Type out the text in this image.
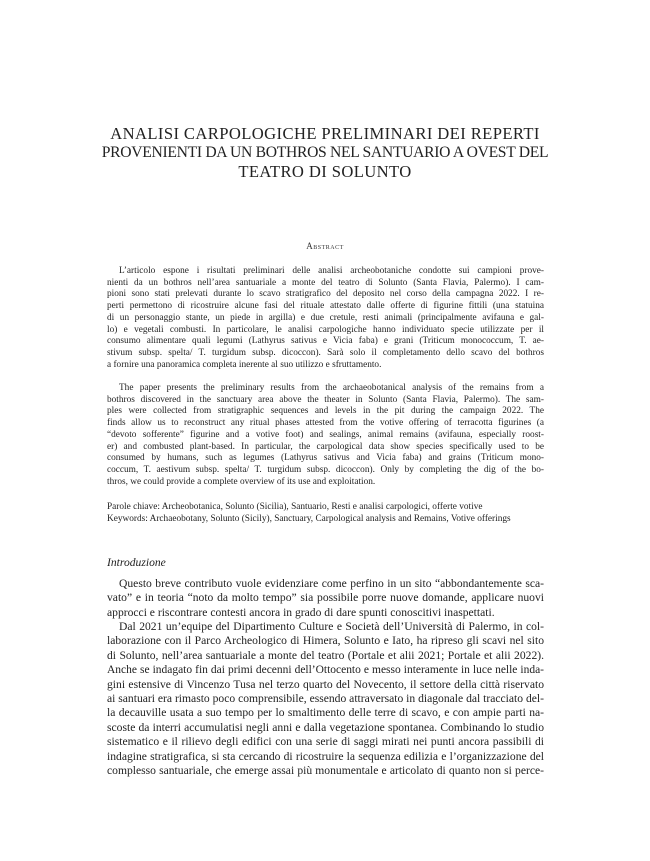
ANALISI CARPOLOGICHE PRELIMINARI DEI REPERTI
PROVENIENTI DA UN BOTHROS NEL SANTUARIO A OVEST DEL
TEATRO DI SOLUNTO
Abstract
L’articolo espone i risultati preliminari delle analisi archeobotaniche condotte sui campioni prove-
nienti da un bothros nell’area santuariale a monte del teatro di Solunto (Santa Flavia, Palermo). I cam-
pioni sono stati prelevati durante lo scavo stratigrafico del deposito nel corso della campagna 2022. I re-
perti permettono di ricostruire alcune fasi del rituale attestato dalle offerte di figurine fittili (una statuina
di un personaggio stante, un piede in argilla) e due cretule, resti animali (principalmente avifauna e gal-
lo) e vegetali combusti. In particolare, le analisi carpologiche hanno individuato specie utilizzate per il
consumo alimentare quali legumi (Lathyrus sativus e Vicia faba) e grani (Triticum monococcum, T. ae-
stivum subsp. spelta/ T. turgidum subsp. dicoccon). Sarà solo il completamento dello scavo del bothros
a fornire una panoramica completa inerente al suo utilizzo e sfruttamento.
The paper presents the preliminary results from the archaeobotanical analysis of the remains from a
bothros discovered in the sanctuary area above the theater in Solunto (Santa Flavia, Palermo). The sam-
ples were collected from stratigraphic sequences and levels in the pit during the campaign 2022. The
finds allow us to reconstruct any ritual phases attested from the votive offering of terracotta figurines (a
“devoto sofferente” figurine and a votive foot) and sealings, animal remains (avifauna, especially roost-
er) and combusted plant-based. In particular, the carpological data show species specifically used to be
consumed by humans, such as legumes (Lathyrus sativus and Vicia faba) and grains (Triticum mono-
coccum, T. aestivum subsp. spelta/ T. turgidum subsp. dicoccon). Only by completing the dig of the bo-
thros, we could provide a complete overview of its use and exploitation.
Parole chiave: Archeobotanica, Solunto (Sicilia), Santuario, Resti e analisi carpologici, offerte votive
Keywords: Archaeobotany, Solunto (Sicily), Sanctuary, Carpological analysis and Remains, Votive offerings
Introduzione
Questo breve contributo vuole evidenziare come perfino in un sito “abbondantemente sca-
vato” e in teoria “noto da molto tempo” sia possibile porre nuove domande, applicare nuovi
approcci e riscontrare contesti ancora in grado di dare spunti conoscitivi inaspettati.
Dal 2021 un’equipe del Dipartimento Culture e Società dell’Università di Palermo, in col-
laborazione con il Parco Archeologico di Himera, Solunto e Iato, ha ripreso gli scavi nel sito
di Solunto, nell’area santuariale a monte del teatro (Portale et alii 2021; Portale et alii 2022).
Anche se indagato fin dai primi decenni dell’Ottocento e messo interamente in luce nelle inda-
gini estensive di Vincenzo Tusa nel terzo quarto del Novecento, il settore della città riservato
ai santuari era rimasto poco comprensibile, essendo attraversato in diagonale dal tracciato del-
la decauville usata a suo tempo per lo smaltimento delle terre di scavo, e con ampie parti na-
scoste da interri accumulatisi negli anni e dalla vegetazione spontanea. Combinando lo studio
sistematico e il rilievo degli edifici con una serie di saggi mirati nei punti ancora passibili di
indagine stratigrafica, si sta cercando di ricostruire la sequenza edilizia e l’organizzazione del
complesso santuariale, che emerge assai più monumentale e articolato di quanto non si perce-
